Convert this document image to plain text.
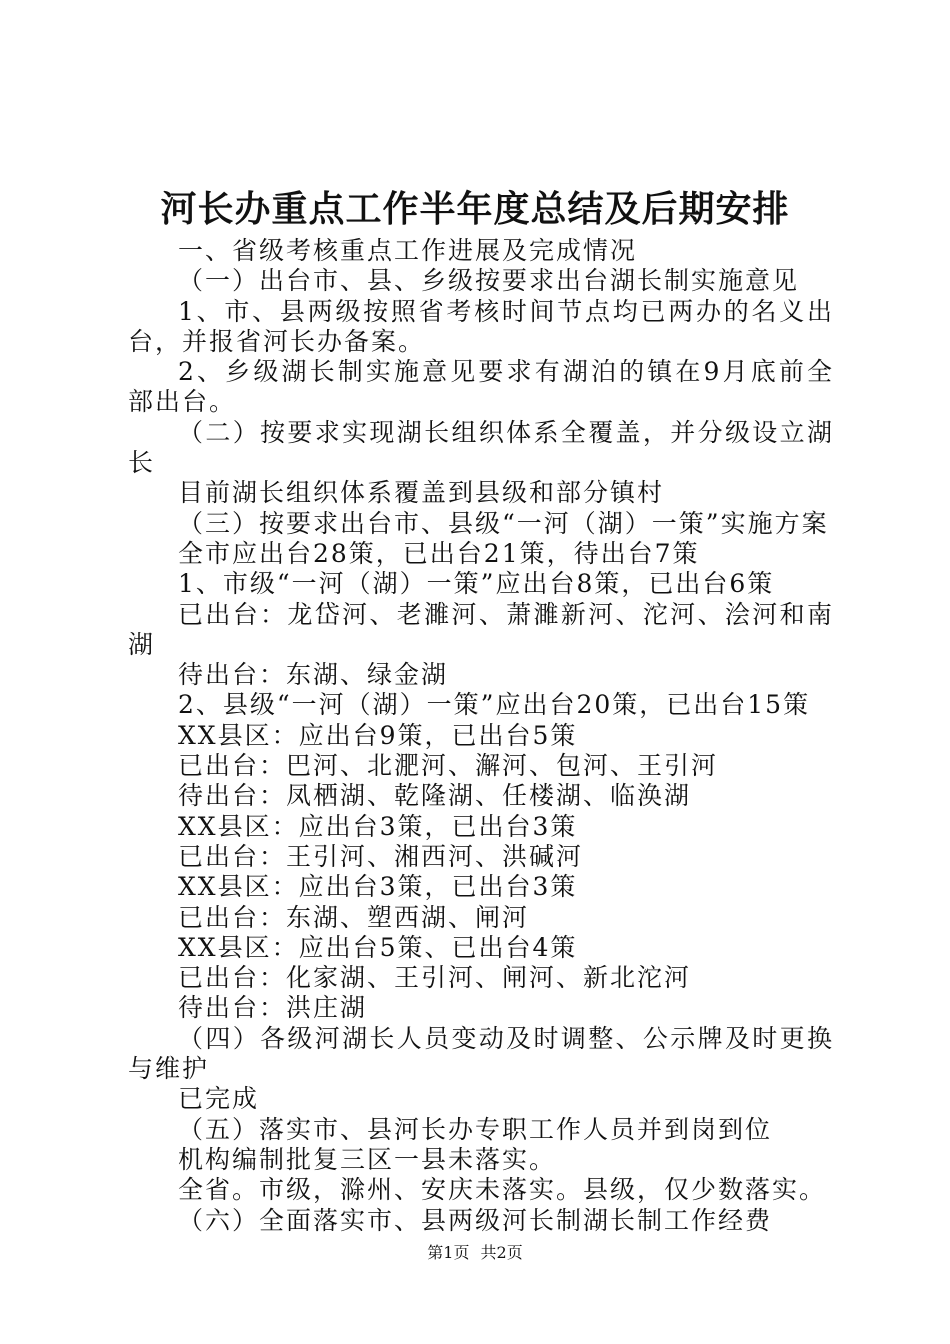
河长办重点工作半年度总结及后期安排

一、省级考核重点工作进展及完成情况

（一）出台市、县、乡级按要求出台湖长制实施意见

1、市、县两级按照省考核时间节点均已两办的名义出台，并报省河长办备案。

2、乡级湖长制实施意见要求有湖泊的镇在9月底前全部出台。

（二）按要求实现湖长组织体系全覆盖，并分级设立湖长

目前湖长组织体系覆盖到县级和部分镇村

（三）按要求出台市、县级“一河（湖）一策”实施方案

全市应出台28策，已出台21策，待出台7策

1、市级“一河（湖）一策”应出台8策，已出台6策

已出台：龙岱河、老濉河、萧濉新河、沱河、浍河和南湖

待出台：东湖、绿金湖

2、县级“一河（湖）一策”应出台20策，已出台15策

XX县区：应出台9策，已出台5策

已出台：巴河、北淝河、澥河、包河、王引河

待出台：凤栖湖、乾隆湖、任楼湖、临涣湖

XX县区：应出台3策，已出台3策

已出台：王引河、湘西河、洪碱河

XX县区：应出台3策，已出台3策

已出台：东湖、塑西湖、闸河

XX县区：应出台5策、已出台4策

已出台：化家湖、王引河、闸河、新北沱河

待出台：洪庄湖

（四）各级河湖长人员变动及时调整、公示牌及时更换与维护

已完成

（五）落实市、县河长办专职工作人员并到岗到位

机构编制批复三区一县未落实。

全省。市级，滁州、安庆未落实。县级，仅少数落实。

（六）全面落实市、县两级河长制湖长制工作经费

第1页 共2页
